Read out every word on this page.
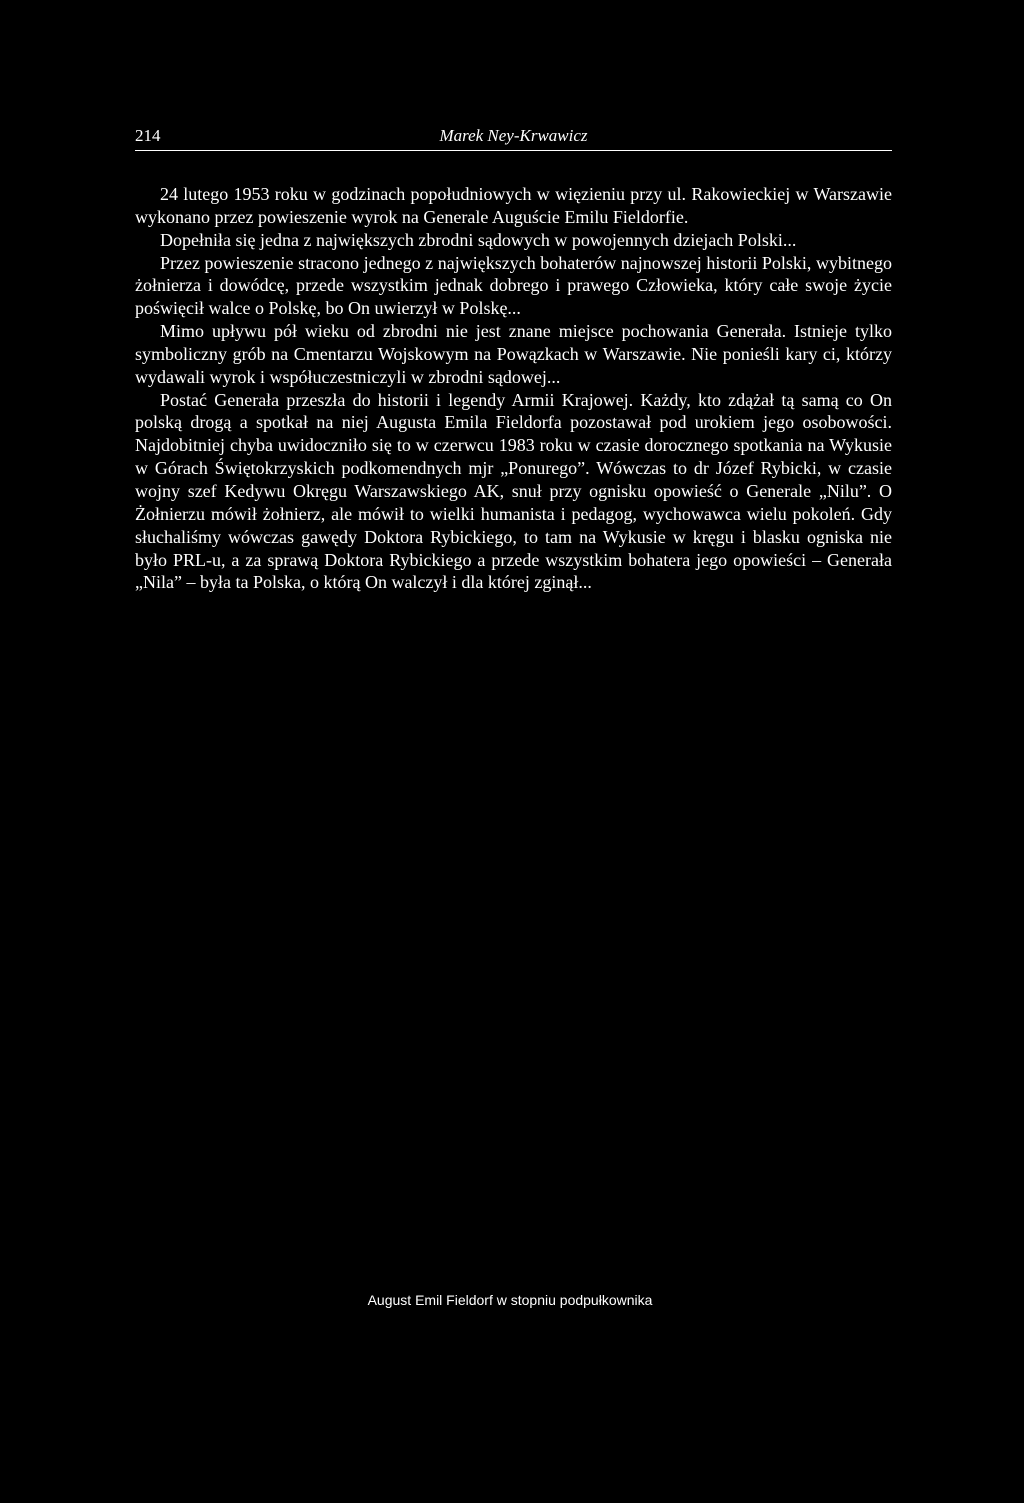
214	Marek Ney-Krwawicz

24 lutego 1953 roku w godzinach popołudniowych w więzieniu przy ul. Rakowieckiej w Warszawie wykonano przez powieszenie wyrok na Generale Auguście Emilu Fieldorfie.

Dopełniła się jedna z największych zbrodni sądowych w powojennych dziejach Polski...

Przez powieszenie stracono jednego z największych bohaterów najnowszej historii Polski, wybitnego żołnierza i dowódcę, przede wszystkim jednak dobrego i prawego Człowieka, który całe swoje życie poświęcił walce o Polskę, bo On uwierzył w Polskę...

Mimo upływu pół wieku od zbrodni nie jest znane miejsce pochowania Generała. Istnieje tylko symboliczny grób na Cmentarzu Wojskowym na Powązkach w Warszawie. Nie ponieśli kary ci, którzy wydawali wyrok i współuczestniczyli w zbrodni sądowej...

Postać Generała przeszła do historii i legendy Armii Krajowej. Każdy, kto zdążał tą samą co On polską drogą a spotkał na niej Augusta Emila Fieldorfa pozostawał pod urokiem jego osobowości. Najdobitniej chyba uwidoczniło się to w czerwcu 1983 roku w czasie dorocznego spotkania na Wykusie w Górach Świętokrzyskich podkomendnych mjr „Ponurego”. Wówczas to dr Józef Rybicki, w czasie wojny szef Kedywu Okręgu Warszawskiego AK, snuł przy ognisku opowieść o Generale „Nilu”. O Żołnierzu mówił żołnierz, ale mówił to wielki humanista i pedagog, wychowawca wielu pokoleń. Gdy słuchaliśmy wówczas gawędy Doktora Rybickiego, to tam na Wykusie w kręgu i blasku ogniska nie było PRL-u, a za sprawą Doktora Rybickiego a przede wszystkim bohatera jego opowieści – Generała „Nila” – była ta Polska, o którą On walczył i dla której zginął...

August Emil Fieldorf w stopniu podpułkownika
